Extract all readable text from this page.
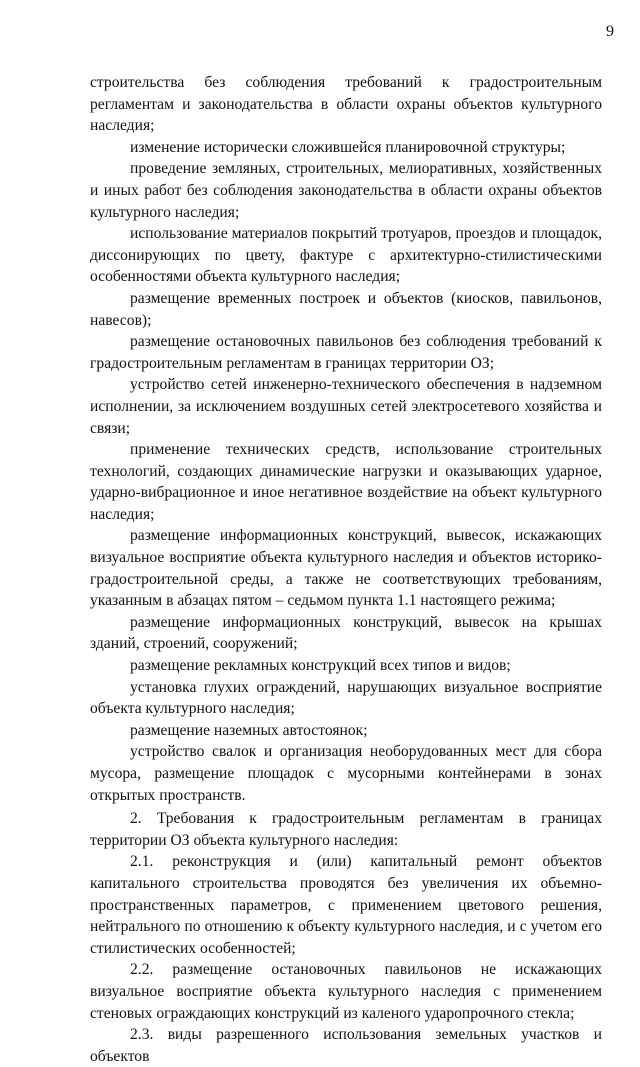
9

строительства без соблюдения требований к градостроительным регламентам и законодательства в области охраны объектов культурного наследия;

изменение исторически сложившейся планировочной структуры;

проведение земляных, строительных, мелиоративных, хозяйственных и иных работ без соблюдения законодательства в области охраны объектов культурного наследия;

использование материалов покрытий тротуаров, проездов и площадок, диссонирующих по цвету, фактуре с архитектурно-стилистическими особенностями объекта культурного наследия;

размещение временных построек и объектов (киосков, павильонов, навесов);

размещение остановочных павильонов без соблюдения требований к градостроительным регламентам в границах территории ОЗ;

устройство сетей инженерно-технического обеспечения в надземном исполнении, за исключением воздушных сетей электросетевого хозяйства и связи;

применение технических средств, использование строительных технологий, создающих динамические нагрузки и оказывающих ударное, ударно-вибрационное и иное негативное воздействие на объект культурного наследия;

размещение информационных конструкций, вывесок, искажающих визуальное восприятие объекта культурного наследия и объектов историко-градостроительной среды, а также не соответствующих требованиям, указанным в абзацах пятом – седьмом пункта 1.1 настоящего режима;

размещение информационных конструкций, вывесок на крышах зданий, строений, сооружений;

размещение рекламных конструкций всех типов и видов;

установка глухих ограждений, нарушающих визуальное восприятие объекта культурного наследия;

размещение наземных автостоянок;

устройство свалок и организация необорудованных мест для сбора мусора, размещение площадок с мусорными контейнерами в зонах открытых пространств.

2. Требования к градостроительным регламентам в границах территории ОЗ объекта культурного наследия:

2.1. реконструкция и (или) капитальный ремонт объектов капитального строительства проводятся без увеличения их объемно-пространственных параметров, с применением цветового решения, нейтрального по отношению к объекту культурного наследия, и с учетом его стилистических особенностей;

2.2. размещение остановочных павильонов не искажающих визуальное восприятие объекта культурного наследия с применением стеновых ограждающих конструкций из каленого ударопрочного стекла;

2.3. виды разрешенного использования земельных участков и объектов
